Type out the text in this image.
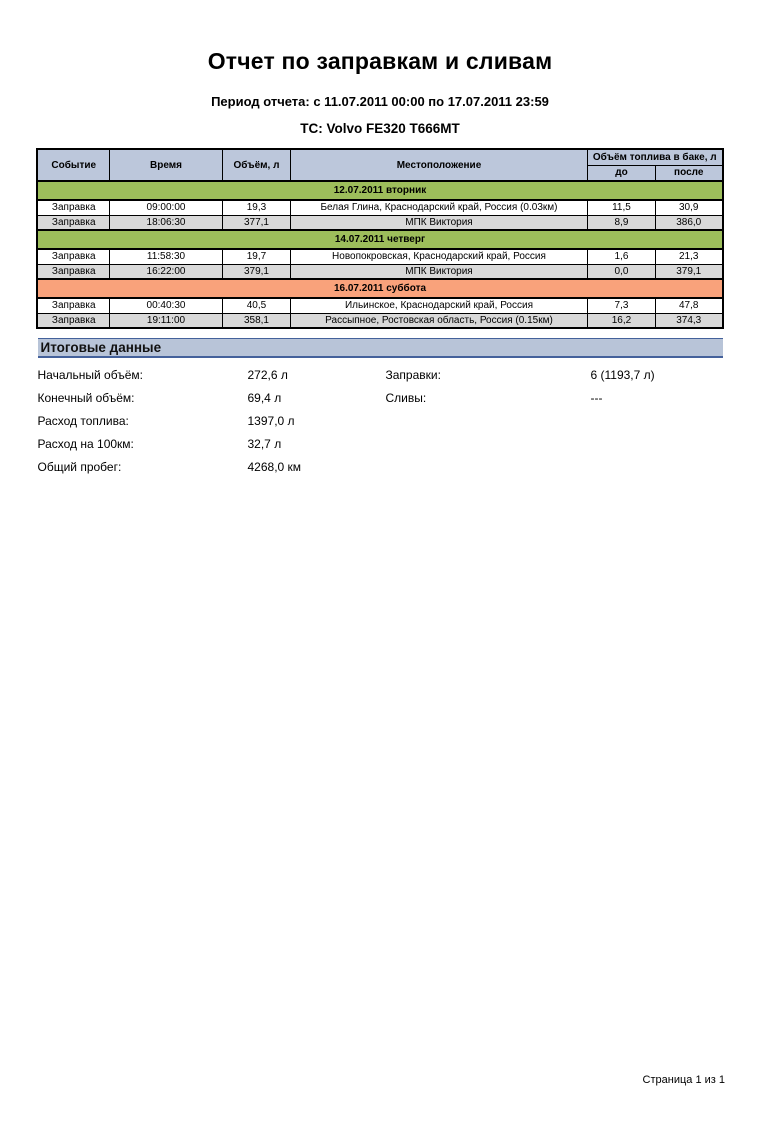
Отчет по заправкам и сливам
Период отчета: с 11.07.2011 00:00 по 17.07.2011 23:59
ТС: Volvo FE320 Т666МТ
Событие	Время	Объём, л	Местоположение	Объём топлива в баке, л	
				до	после
12.07.2011 вторник					
Заправка	09:00:00	19,3	Белая Глина, Краснодарский край, Россия (0.03км)	11,5	30,9
Заправка	18:06:30	377,1	МПК Виктория	8,9	386,0
14.07.2011 четверг					
Заправка	11:58:30	19,7	Новопокровская, Краснодарский край, Россия	1,6	21,3
Заправка	16:22:00	379,1	МПК Виктория	0,0	379,1
16.07.2011 суббота					
Заправка	00:40:30	40,5	Ильинское, Краснодарский край, Россия	7,3	47,8
Заправка	19:11:00	358,1	Рассыпное, Ростовская область, Россия (0.15км)	16,2	374,3
Итоговые данные
Начальный объём:	272,6 л
Конечный объём:	69,4 л
Расход топлива:	1397,0 л
Расход на 100км:	32,7 л
Общий пробег:	4268,0 км
Заправки:	6 (1193,7 л)
Сливы:	---
Страница 1 из 1
